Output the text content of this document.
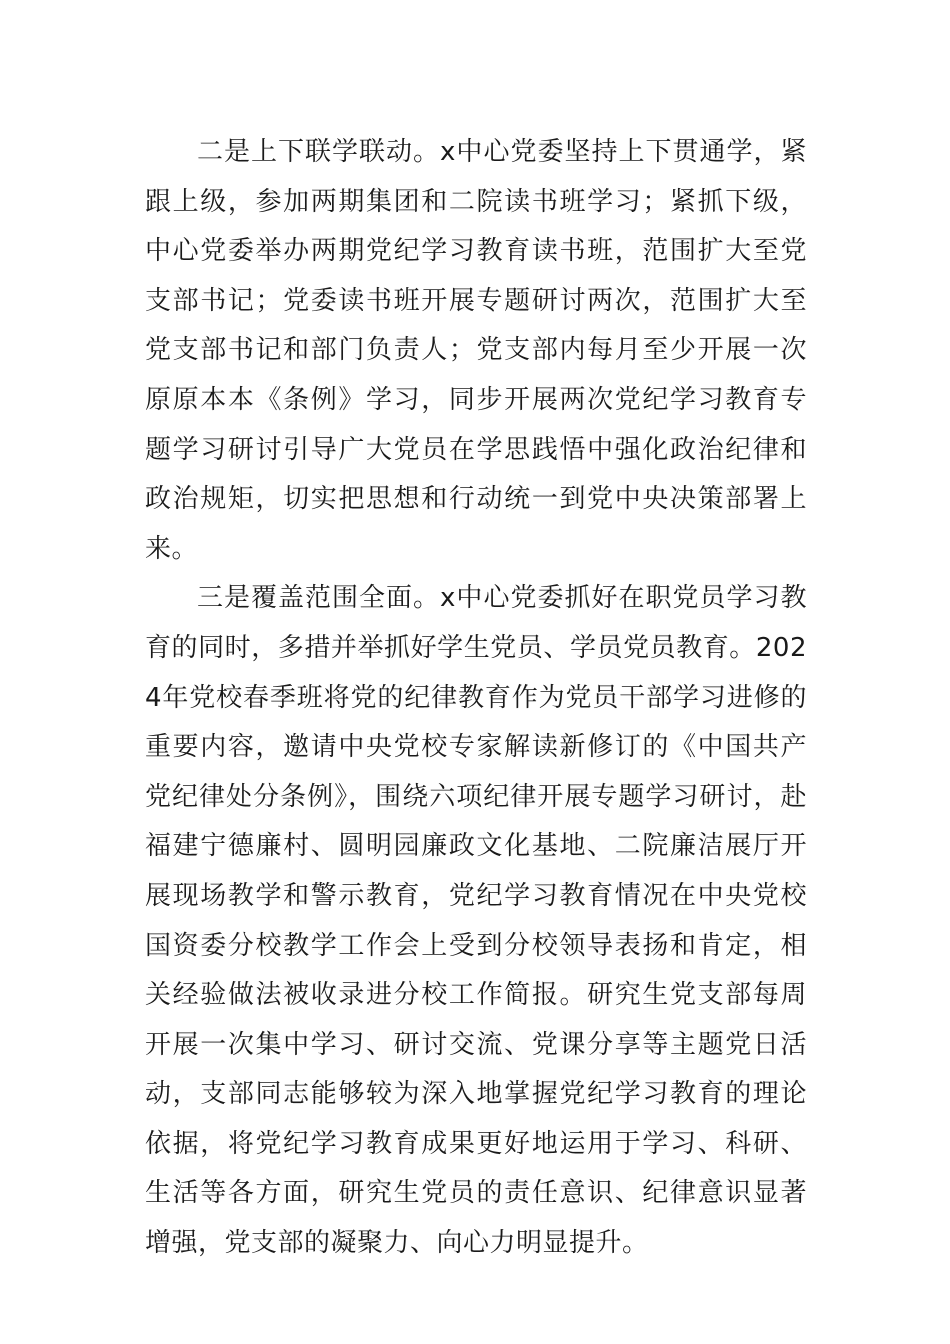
二是上下联学联动。x中心党委坚持上下贯通学，紧跟上级，参加两期集团和二院读书班学习；紧抓下级，中心党委举办两期党纪学习教育读书班，范围扩大至党支部书记；党委读书班开展专题研讨两次，范围扩大至党支部书记和部门负责人；党支部内每月至少开展一次原原本本《条例》学习，同步开展两次党纪学习教育专题学习研讨引导广大党员在学思践悟中强化政治纪律和政治规矩，切实把思想和行动统一到党中央决策部署上来。

三是覆盖范围全面。x中心党委抓好在职党员学习教育的同时，多措并举抓好学生党员、学员党员教育。2024年党校春季班将党的纪律教育作为党员干部学习进修的重要内容，邀请中央党校专家解读新修订的《中国共产党纪律处分条例》，围绕六项纪律开展专题学习研讨，赴福建宁德廉村、圆明园廉政文化基地、二院廉洁展厅开展现场教学和警示教育，党纪学习教育情况在中央党校国资委分校教学工作会上受到分校领导表扬和肯定，相关经验做法被收录进分校工作简报。研究生党支部每周开展一次集中学习、研讨交流、党课分享等主题党日活动，支部同志能够较为深入地掌握党纪学习教育的理论依据，将党纪学习教育成果更好地运用于学习、科研、生活等各方面，研究生党员的责任意识、纪律意识显著增强，党支部的凝聚力、向心力明显提升。
